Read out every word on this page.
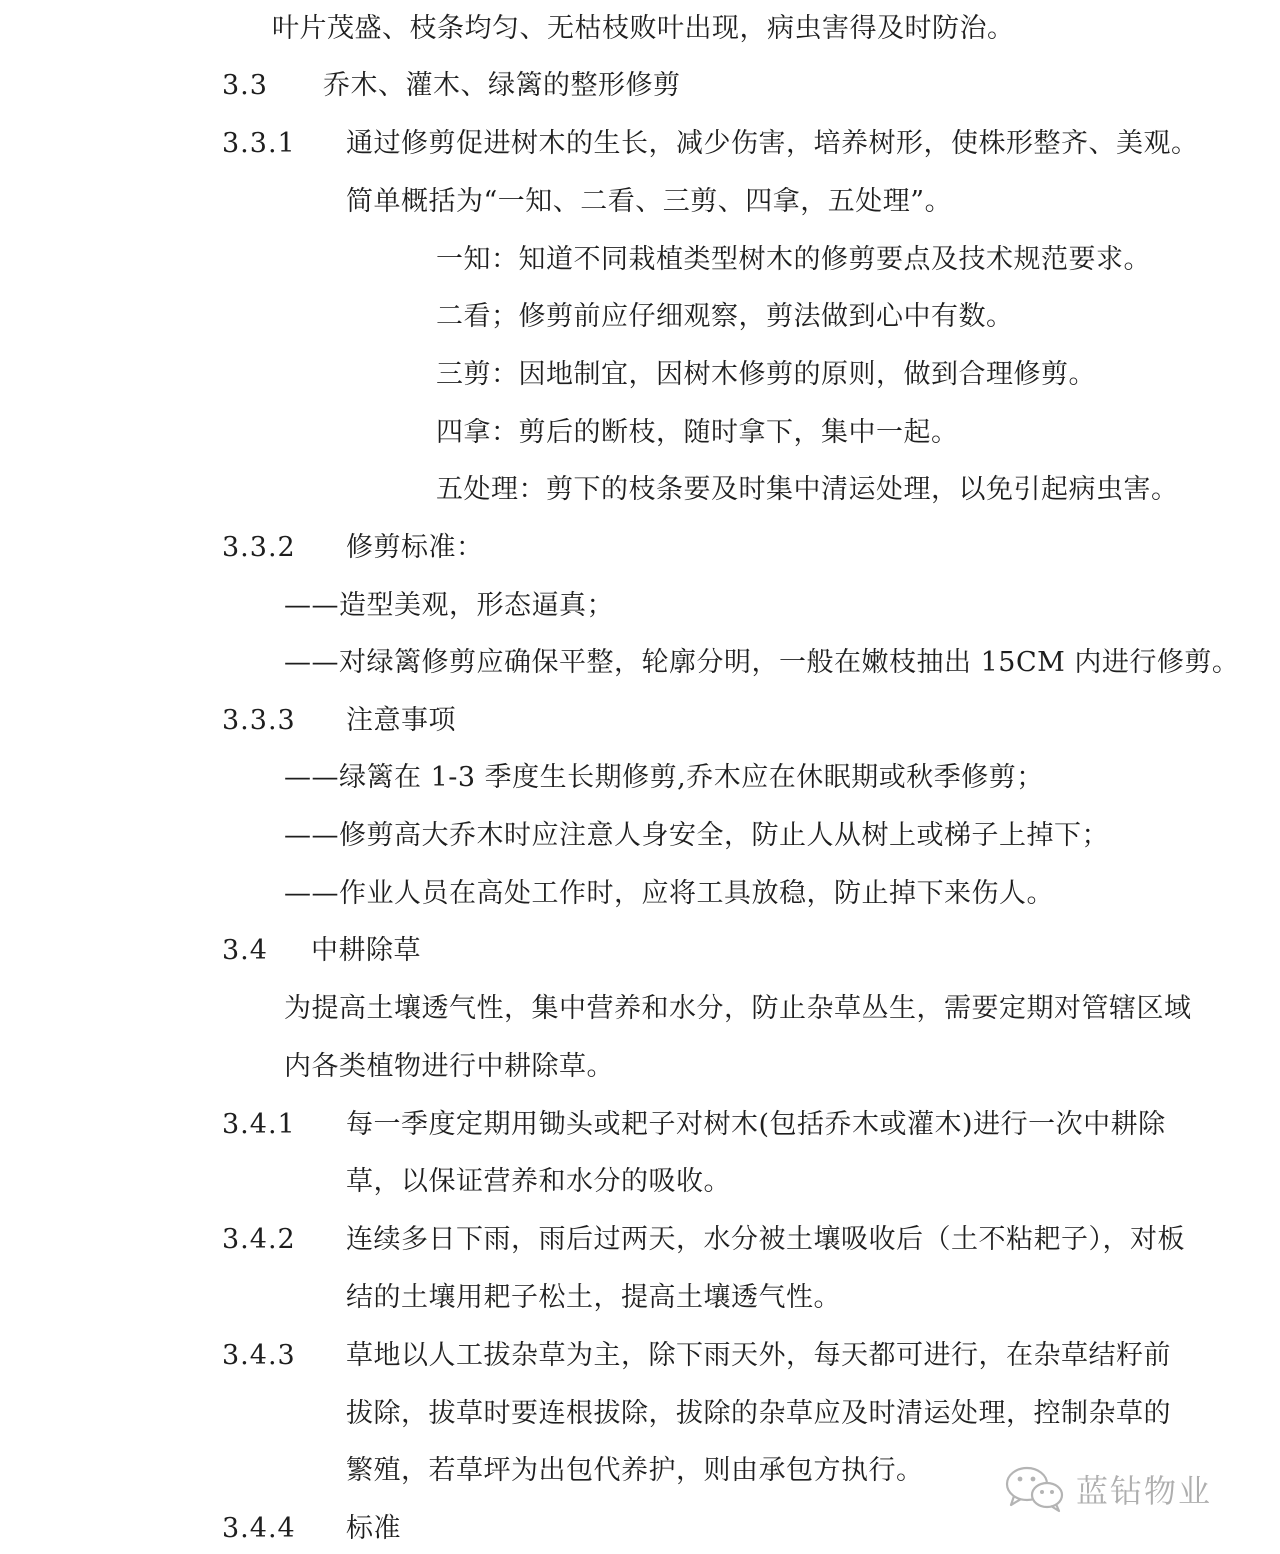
叶片茂盛、枝条均匀、无枯枝败叶出现，病虫害得及时防治。
3.3 乔木、灌木、绿篱的整形修剪
3.3.1 通过修剪促进树木的生长，减少伤害，培养树形，使株形整齐、美观。
简单概括为“一知、二看、三剪、四拿，五处理”。
一知：知道不同栽植类型树木的修剪要点及技术规范要求。
二看；修剪前应仔细观察，剪法做到心中有数。
三剪：因地制宜，因树木修剪的原则，做到合理修剪。
四拿：剪后的断枝，随时拿下，集中一起。
五处理：剪下的枝条要及时集中清运处理，以免引起病虫害。
3.3.2 修剪标准：
——造型美观，形态逼真；
——对绿篱修剪应确保平整，轮廓分明，一般在嫩枝抽出 15CM 内进行修剪。
3.3.3 注意事项
——绿篱在 1-3 季度生长期修剪,乔木应在休眠期或秋季修剪；
——修剪高大乔木时应注意人身安全，防止人从树上或梯子上掉下；
——作业人员在高处工作时，应将工具放稳，防止掉下来伤人。
3.4 中耕除草
为提高土壤透气性，集中营养和水分，防止杂草丛生，需要定期对管辖区域
内各类植物进行中耕除草。
3.4.1 每一季度定期用锄头或耙子对树木(包括乔木或灌木)进行一次中耕除
草，以保证营养和水分的吸收。
3.4.2 连续多日下雨，雨后过两天，水分被土壤吸收后（土不粘耙子），对板
结的土壤用耙子松土，提高土壤透气性。
3.4.3 草地以人工拔杂草为主，除下雨天外，每天都可进行，在杂草结籽前
拔除，拔草时要连根拔除，拔除的杂草应及时清运处理，控制杂草的
繁殖，若草坪为出包代养护，则由承包方执行。
3.4.4 标准
蓝钻物业
